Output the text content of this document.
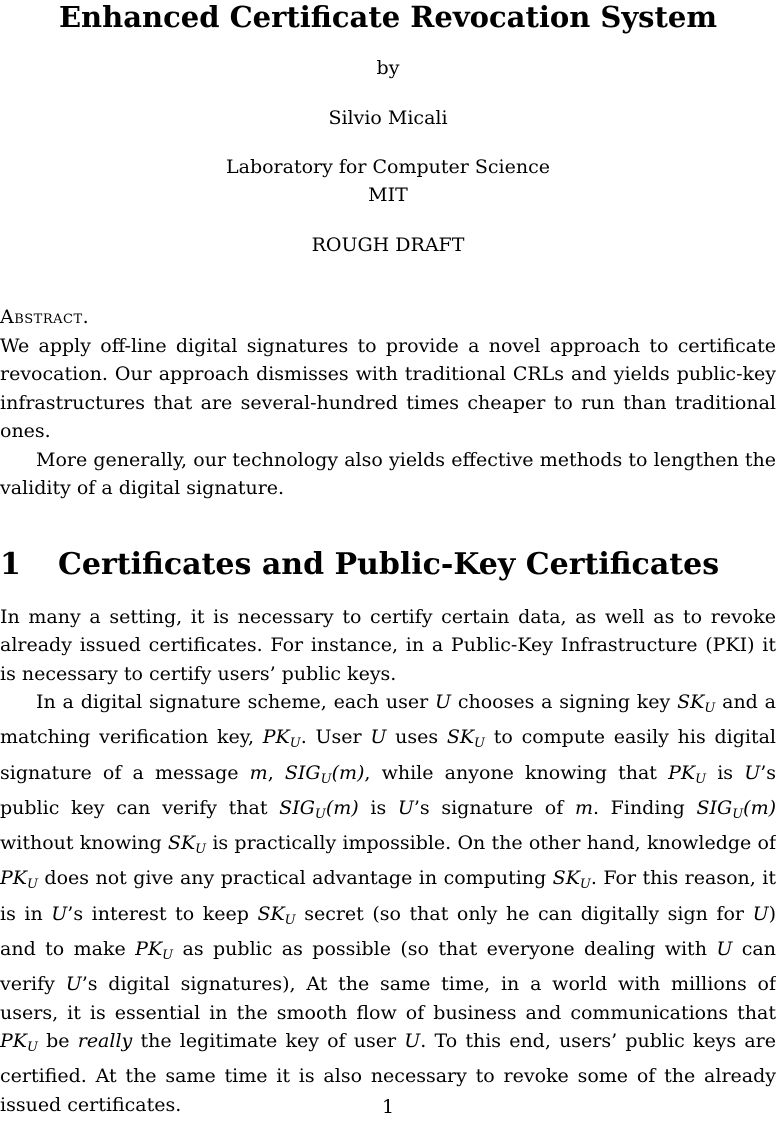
Enhanced Certificate Revocation System
by
Silvio Micali
Laboratory for Computer Science
MIT
ROUGH DRAFT
Abstract.
We apply off-line digital signatures to provide a novel approach to certificate revocation. Our approach dismisses with traditional CRLs and yields public-key infrastructures that are several-hundred times cheaper to run than traditional ones.
More generally, our technology also yields effective methods to lengthen the validity of a digital signature.
1 Certificates and Public-Key Certificates
In many a setting, it is necessary to certify certain data, as well as to revoke already issued certificates. For instance, in a Public-Key Infrastructure (PKI) it is necessary to certify users’ public keys.
In a digital signature scheme, each user U chooses a signing key $SK_U$ and a matching verification key, $PK_U$. User U uses $SK_U$ to compute easily his digital signature of a message m, $SIG_U(m)$, while anyone knowing that $PK_U$ is U’s public key can verify that $SIG_U(m)$ is U’s signature of m. Finding $SIG_U(m)$ without knowing $SK_U$ is practically impossible. On the other hand, knowledge of $PK_U$ does not give any practical advantage in computing $SK_U$. For this reason, it is in U’s interest to keep $SK_U$ secret (so that only he can digitally sign for U) and to make $PK_U$ as public as possible (so that everyone dealing with U can verify U’s digital signatures), At the same time, in a world with millions of users, it is essential in the smooth flow of business and communications that $PK_U$ be really the legitimate key of user U. To this end, users’ public keys are certified. At the same time it is also necessary to revoke some of the already issued certificates.	1
